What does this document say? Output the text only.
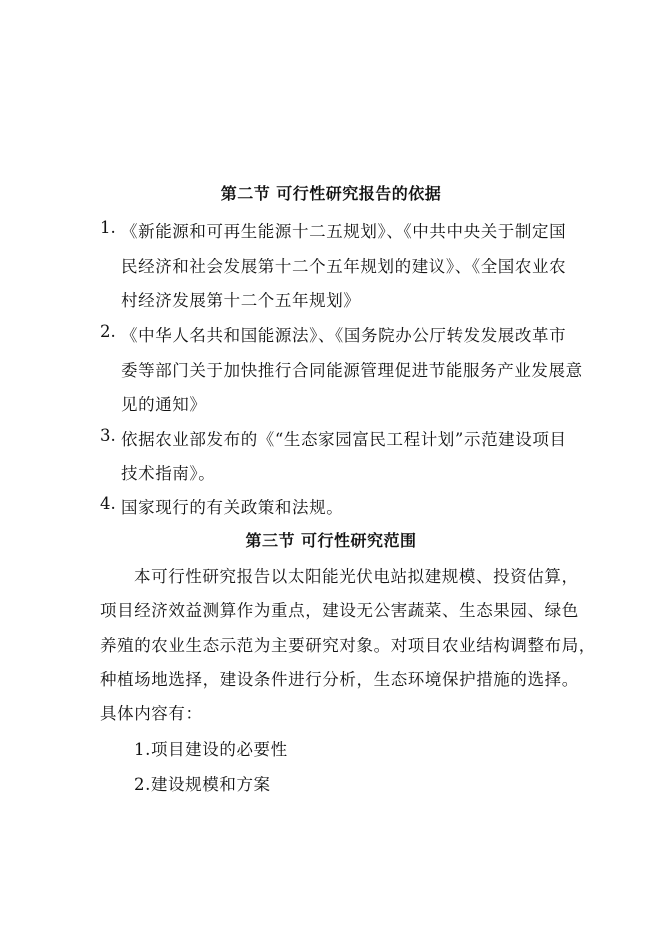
第二节 可行性研究报告的依据
1. 《新能源和可再生能源十二五规划》、《中共中央关于制定国
民经济和社会发展第十二个五年规划的建议》、《全国农业农
村经济发展第十二个五年规划》
2. 《中华人名共和国能源法》、《国务院办公厅转发发展改革市
委等部门关于加快推行合同能源管理促进节能服务产业发展意
见的通知》
3. 依据农业部发布的《“生态家园富民工程计划”示范建设项目
技术指南》。
4. 国家现行的有关政策和法规。
第三节 可行性研究范围
本可行性研究报告以太阳能光伏电站拟建规模、投资估算，
项目经济效益测算作为重点，建设无公害蔬菜、生态果园、绿色
养殖的农业生态示范为主要研究对象。对项目农业结构调整布局，
种植场地选择，建设条件进行分析，生态环境保护措施的选择。
具体内容有：
1.项目建设的必要性
2.建设规模和方案
